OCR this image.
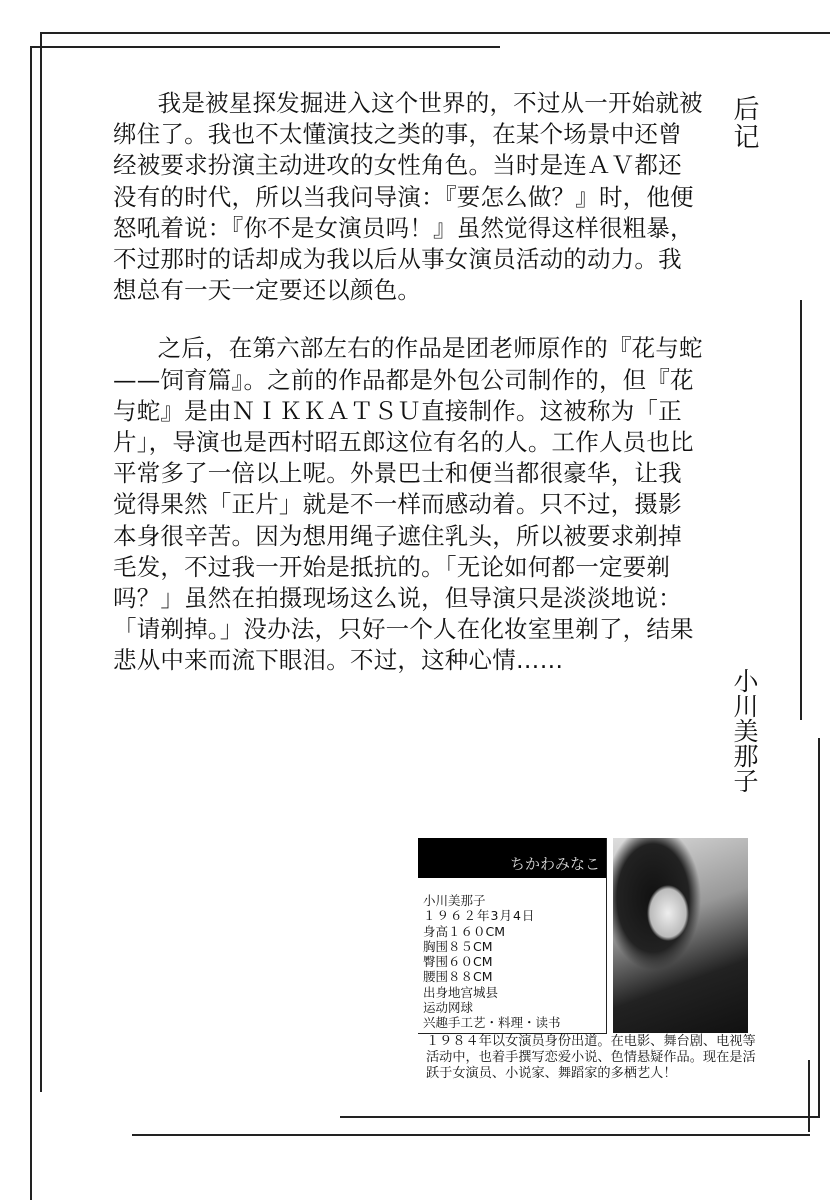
后记
小川美那子

我是被星探发掘进入这个世界的，不过从一开始就被绑住了。我也不太懂演技之类的事，在某个场景中还曾经被要求扮演主动进攻的女性角色。当时是连ＡＶ都还没有的时代，所以当我问导演：『要怎么做？』时，他便怒吼着说：『你不是女演员吗！』虽然觉得这样很粗暴，不过那时的话却成为我以后从事女演员活动的动力。我想总有一天一定要还以颜色。

之后，在第六部左右的作品是团老师原作的『花与蛇——饲育篇』。之前的作品都是外包公司制作的，但『花与蛇』是由ＮＩＫＫＡＴＳＵ直接制作。这被称为「正片」，导演也是西村昭五郎这位有名的人。工作人员也比平常多了一倍以上呢。外景巴士和便当都很豪华，让我觉得果然「正片」就是不一样而感动着。只不过，摄影本身很辛苦。因为想用绳子遮住乳头，所以被要求剃掉毛发，不过我一开始是抵抗的。「无论如何都一定要剃吗？」虽然在拍摄现场这么说，但导演只是淡淡地说：「请剃掉。」没办法，只好一个人在化妆室里剃了，结果悲从中来而流下眼泪。不过，这种心情……

ちかわみなこ
小川美那子
１９６２年3月4日
身高１６０CM
胸围８５CM
臀围６０CM
腰围８８CM
出身地宫城县
运动网球
兴趣手工艺・料理・读书
１９８４年以女演员身份出道。在电影、舞台剧、电视等活动中，也着手撰写恋爱小说、色情悬疑作品。现在是活跃于女演员、小说家、舞蹈家的多栖艺人！
